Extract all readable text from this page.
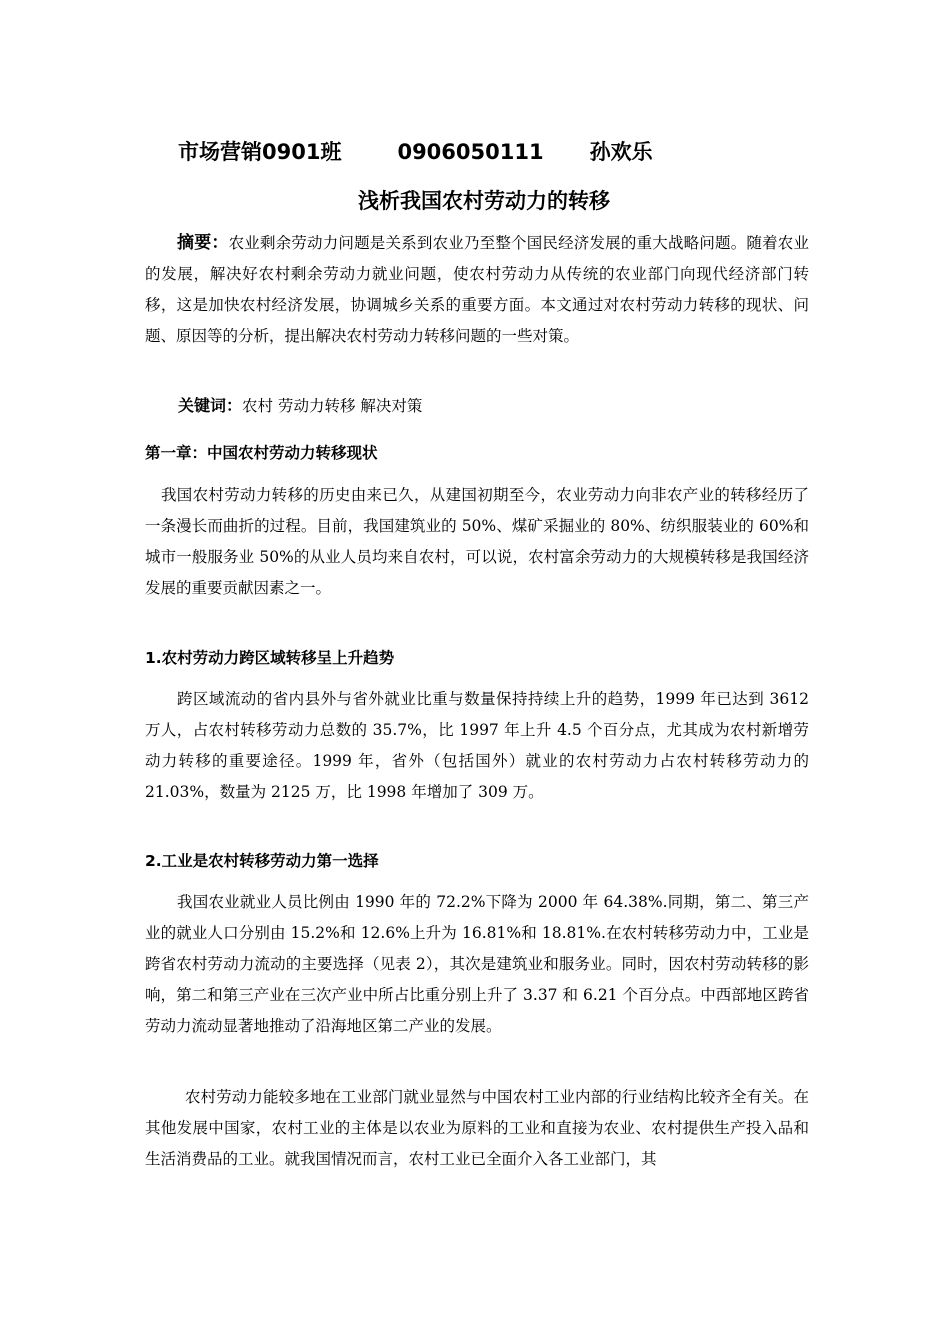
市场营销0901班	0906050111 孙欢乐
浅析我国农村劳动力的转移

摘要：农业剩余劳动力问题是关系到农业乃至整个国民经济发展的重大战略问题。随着农业的发展，解决好农村剩余劳动力就业问题，使农村劳动力从传统的农业部门向现代经济部门转移，这是加快农村经济发展，协调城乡关系的重要方面。本文通过对农村劳动力转移的现状、问题、原因等的分析，提出解决农村劳动力转移问题的一些对策。

关键词：农村 劳动力转移 解决对策
第一章：中国农村劳动力转移现状

我国农村劳动力转移的历史由来已久，从建国初期至今，农业劳动力向非农产业的转移经历了一条漫长而曲折的过程。目前，我国建筑业的 50%、煤矿采掘业的 80%、纺织服装业的 60%和城市一般服务业 50%的从业人员均来自农村，可以说，农村富余劳动力的大规模转移是我国经济发展的重要贡献因素之一。

1.农村劳动力跨区域转移呈上升趋势

跨区域流动的省内县外与省外就业比重与数量保持持续上升的趋势，1999 年已达到 3612 万人，占农村转移劳动力总数的 35.7%，比 1997 年上升 4.5 个百分点，尤其成为农村新增劳动力转移的重要途径。1999 年，省外（包括国外）就业的农村劳动力占农村转移劳动力的 21.03%，数量为 2125 万，比 1998 年增加了 309 万。

2.工业是农村转移劳动力第一选择

我国农业就业人员比例由 1990 年的 72.2%下降为 2000 年 64.38%.同期，第二、第三产业的就业人口分别由 15.2%和 12.6%上升为 16.81%和 18.81%.在农村转移劳动力中，工业是跨省农村劳动力流动的主要选择（见表 2），其次是建筑业和服务业。同时，因农村劳动转移的影响，第二和第三产业在三次产业中所占比重分别上升了 3.37 和 6.21 个百分点。中西部地区跨省劳动力流动显著地推动了沿海地区第二产业的发展。

农村劳动力能较多地在工业部门就业显然与中国农村工业内部的行业结构比较齐全有关。在其他发展中国家，农村工业的主体是以农业为原料的工业和直接为农业、农村提供生产投入品和生活消费品的工业。就我国情况而言，农村工业已全面介入各工业部门，其
